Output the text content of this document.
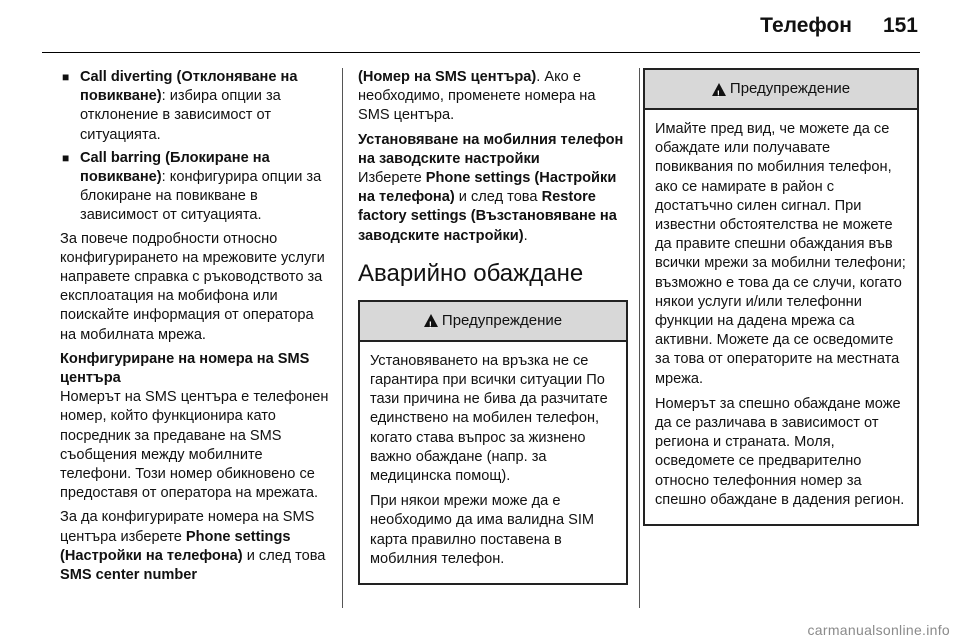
Телефон 151
■ Call diverting (Отклоняване на повикване): избира опции за отклонение в зависимост от ситуацията.
■ Call barring (Блокиране на повикване): конфигурира опции за блокиране на повикване в зависимост от ситуацията.

За повече подробности относно конфигурирането на мрежовите услуги направете справка с ръководството за експлоатация на мобифона или поискайте информация от оператора на мобилната мрежа.

Конфигуриране на номера на SMS центъра

Номерът на SMS центъра е телефонен номер, който функционира като посредник за предаване на SMS съобщения между мобилните телефони. Този номер обикновено се предоставя от оператора на мрежата.

За да конфигурирате номера на SMS центъра изберете Phone settings (Настройки на телефона) и след това SMS center number

(Номер на SMS центъра). Ако е необходимо, променете номера на SMS центъра.

Установяване на мобилния телефон на заводските настройки

Изберете Phone settings (Настройки на телефона) и след това Restore factory settings (Възстановяване на заводските настройки).

Аварийно обаждане
!
Предупреждение

Установяването на връзка не се гарантира при всички ситуации По тази причина не бива да разчитате единствено на мобилен телефон, когато става въпрос за жизнено важно обаждане (напр. за медицинска помощ).

При някои мрежи може да е необходимо да има валидна SIM карта правилно поставена в мобилния телефон.

!
Предупреждение

Имайте пред вид, че можете да се обаждате или получавате повиквания по мобилния телефон, ако се намирате в район с достатъчно силен сигнал. При известни обстоятелства не можете да правите спешни обаждания във всички мрежи за мобилни телефони; възможно е това да се случи, когато някои услуги и/или телефонни функции на дадена мрежа са активни. Можете да се осведомите за това от операторите на местната мрежа.

Номерът за спешно обаждане може да се различава в зависимост от региона и страната. Моля, осведомете се предварително относно телефонния номер за спешно обаждане в дадения регион.

carmanualsonline.info
